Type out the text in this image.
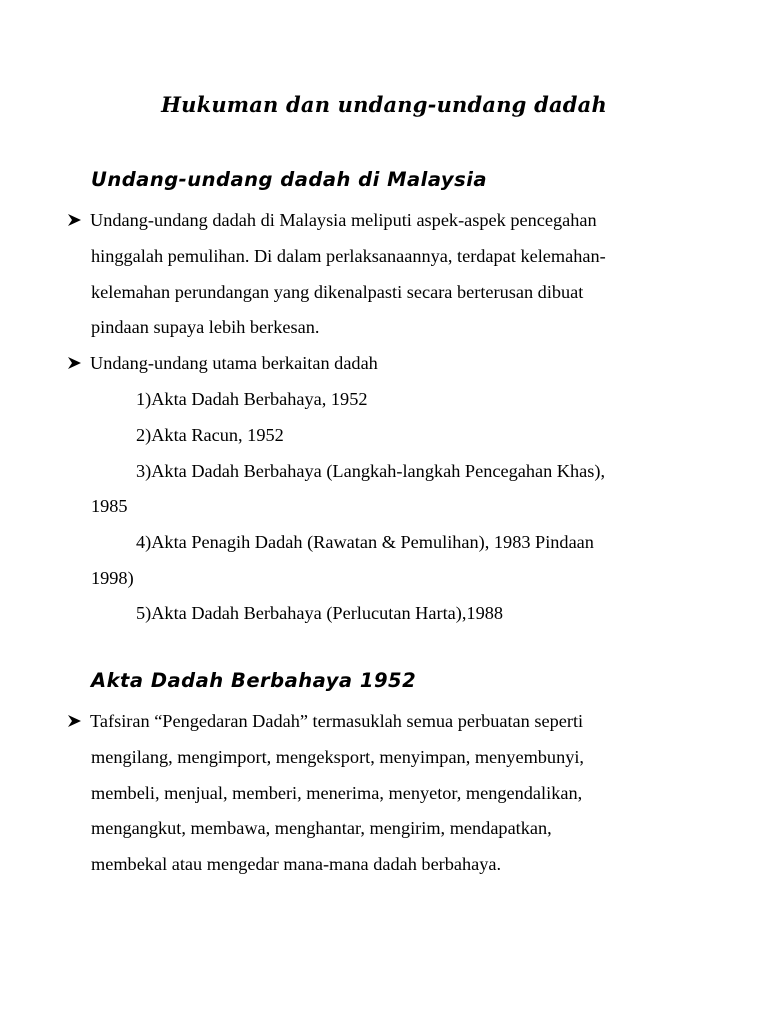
Hukuman dan undang-undang dadah
Undang-undang dadah di Malaysia
Undang-undang dadah di Malaysia meliputi aspek-aspek pencegahan
hinggalah pemulihan. Di dalam perlaksanaannya, terdapat kelemahan-
kelemahan perundangan yang dikenalpasti secara berterusan dibuat
pindaan supaya lebih berkesan.
Undang-undang utama berkaitan dadah
1)Akta Dadah Berbahaya, 1952
2)Akta Racun, 1952
3)Akta Dadah Berbahaya (Langkah-langkah Pencegahan Khas),
1985
4)Akta Penagih Dadah (Rawatan & Pemulihan), 1983 Pindaan
1998)
5)Akta Dadah Berbahaya (Perlucutan Harta),1988
Akta Dadah Berbahaya 1952
Tafsiran “Pengedaran Dadah” termasuklah semua perbuatan seperti
mengilang, mengimport, mengeksport, menyimpan, menyembunyi,
membeli, menjual, memberi, menerima, menyetor, mengendalikan,
mengangkut, membawa, menghantar, mengirim, mendapatkan,
membekal atau mengedar mana-mana dadah berbahaya.
